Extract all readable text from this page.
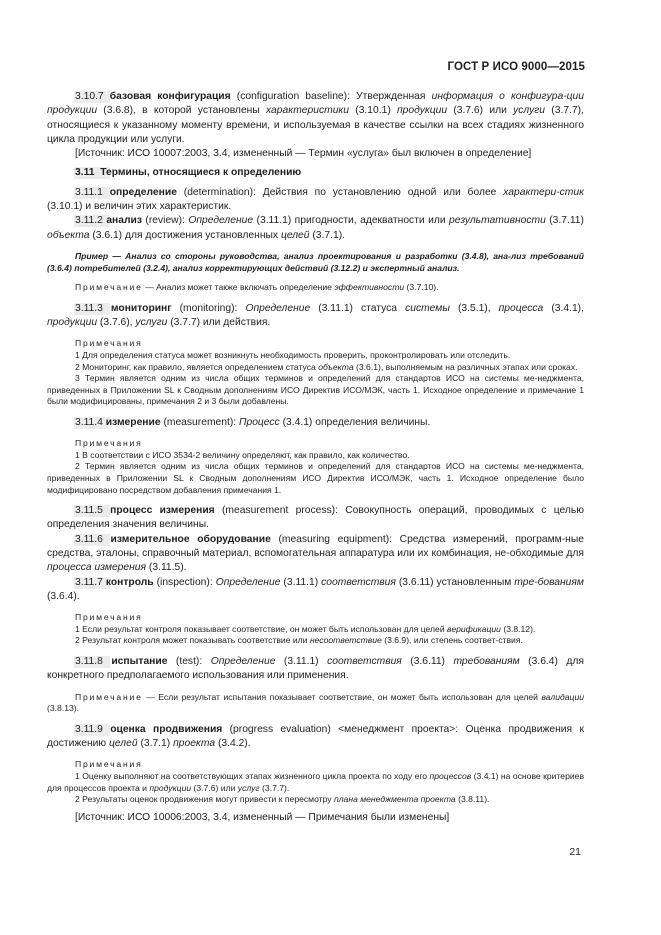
ГОСТ Р ИСО 9000—2015

3.10.7 базовая конфигурация (configuration baseline): Утвержденная информация о конфигура-ции продукции (3.6.8), в которой установлены характеристики (3.10.1) продукции (3.7.6) или услуги (3.7.7), относящиеся к указанному моменту времени, и используемая в качестве ссылки на всех стадиях жизненного цикла продукции или услуги.

[Источник: ИСО 10007:2003, 3.4, измененный — Термин «услуга» был включен в определение]

3.11 Термины, относящиеся к определению

3.11.1 определение (determination): Действия по установлению одной или более характери-стик (3.10.1) и величин этих характеристик.

3.11.2 анализ (review): Определение (3.11.1) пригодности, адекватности или результативности (3.7.11) объекта (3.6.1) для достижения установленных целей (3.7.1).

Пример — Анализ со стороны руководства, анализ проектирования и разработки (3.4.8), ана-лиз требований (3.6.4) потребителей (3.2.4), анализ корректирующих действий (3.12.2) и экспертный анализ.

Примечание — Анализ может также включать определение эффективности (3.7.10).

3.11.3 мониторинг (monitoring): Определение (3.11.1) статуса системы (3.5.1), процесса (3.4.1), продукции (3.7.6), услуги (3.7.7) или действия.

Примечания

1 Для определения статуса может возникнуть необходимость проверить, проконтролировать или отследить.

2 Мониторинг, как правило, является определением статуса объекта (3.6.1), выполняемым на различных этапах или сроках.

3 Термин является одним из числа общих терминов и определений для стандартов ИСО на системы ме-неджмента, приведенных в Приложении SL к Сводным дополнениям ИСО Директив ИСО/МЭК, часть 1. Исходное определение и примечание 1 были модифицированы, примечания 2 и 3 были добавлены.

3.11.4 измерение (measurement): Процесс (3.4.1) определения величины.

Примечания

1 В соответствии с ИСО 3534-2 величину определяют, как правило, как количество.

2 Термин является одним из числа общих терминов и определений для стандартов ИСО на системы ме-неджмента, приведенных в Приложении SL к Сводным дополнениям ИСО Директив ИСО/МЭК, часть 1. Исходное определение было модифицировано посредством добавления примечания 1.

3.11.5 процесс измерения (measurement process): Совокупность операций, проводимых с целью определения значения величины.

3.11.6 измерительное оборудование (measuring equipment): Средства измерений, программ-ные средства, эталоны, справочный материал, вспомогательная аппаратура или их комбинация, не-обходимые для процесса измерения (3.11.5).

3.11.7 контроль (inspection): Определение (3.11.1) соответствия (3.6.11) установленным тре-бованиям (3.6.4).

Примечания

1 Если результат контроля показывает соответствие, он может быть использован для целей верификации (3.8.12).

2 Результат контроля может показывать соответствие или несоответствие (3.6.9), или степень соответ-ствия.

3.11.8 испытание (test): Определение (3.11.1) соответствия (3.6.11) требованиям (3.6.4) для конкретного предполагаемого использования или применения.

Примечание — Если результат испытания показывает соответствие, он может быть использован для целей валидации (3.8.13).

3.11.9 оценка продвижения (progress evaluation) <менеджмент проекта>: Оценка продвижения к достижению целей (3.7.1) проекта (3.4.2).

Примечания

1 Оценку выполняют на соответствующих этапах жизненного цикла проекта по ходу его процессов (3.4.1) на основе критериев для процессов проекта и продукции (3.7.6) или услуг (3.7.7).

2 Результаты оценок продвижения могут привести к пересмотру плана менеджмента проекта (3.8.11).

[Источник: ИСО 10006:2003, 3.4, измененный — Примечания были изменены]

21
